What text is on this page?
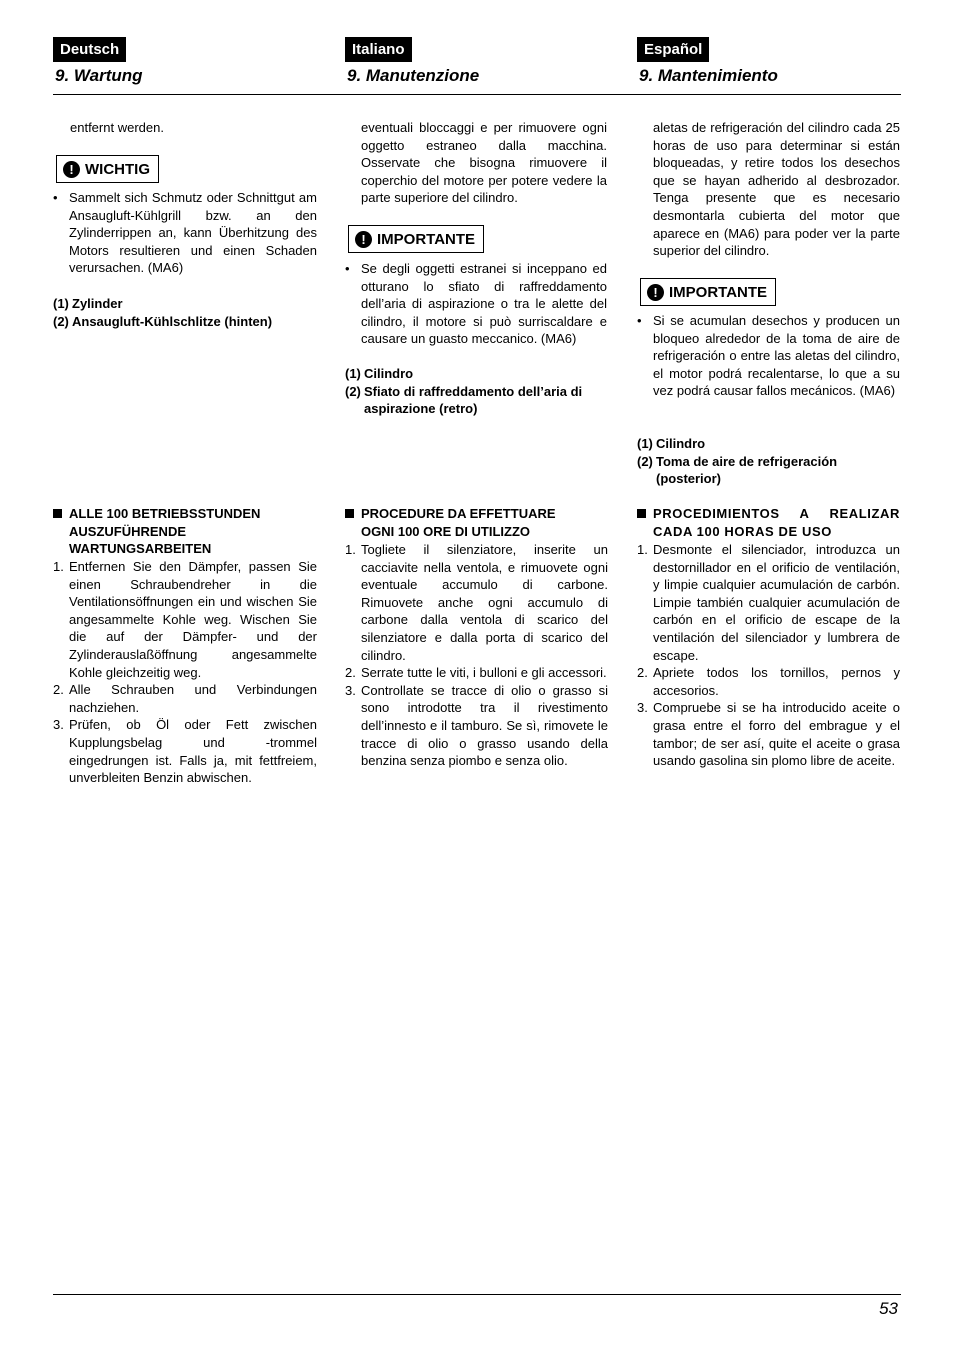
Deutsch
9. Wartung
entfernt werden.
! WICHTIG
• Sammelt sich Schmutz oder Schnittgut am Ansaugluft-Kühlgrill bzw. an den Zylinderrippen an, kann Überhitzung des Motors resultieren und einen Schaden verursachen. (MA6)
(1) Zylinder
(2) Ansaugluft-Kühlschlitze (hinten)
ALLE 100 BETRIEBSSTUNDEN AUSZUFÜHRENDE WARTUNGSARBEITEN
1. Entfernen Sie den Dämpfer, passen Sie einen Schraubendreher in die Ventilationsöffnungen ein und wischen Sie angesammelte Kohle weg. Wischen Sie die auf der Dämpfer- und der Zylinderauslaßöffnung angesammelte Kohle gleichzeitig weg.
2. Alle Schrauben und Verbindungen nachziehen.
3. Prüfen, ob Öl oder Fett zwischen Kupplungsbelag und -trommel eingedrungen ist. Falls ja, mit fettfreiem, unverbleiten Benzin abwischen.
Italiano
9. Manutenzione
eventuali bloccaggi e per rimuovere ogni oggetto estraneo dalla macchina. Osservate che bisogna rimuovere il coperchio del motore per potere vedere la parte superiore del cilindro.
! IMPORTANTE
• Se degli oggetti estranei si inceppano ed otturano lo sfiato di raffreddamento dell’aria di aspirazione o tra le alette del cilindro, il motore si può surriscaldare e causare un guasto meccanico. (MA6)
(1) Cilindro
(2) Sfiato di raffreddamento dell’aria di aspirazione (retro)
PROCEDURE DA EFFETTUARE OGNI 100 ORE DI UTILIZZO
1. Togliete il silenziatore, inserite un cacciavite nella ventola, e rimuovete ogni eventuale accumulo di carbone. Rimuovete anche ogni accumulo di carbone dalla ventola di scarico del silenziatore e dalla porta di scarico del cilindro.
2. Serrate tutte le viti, i bulloni e gli accessori.
3. Controllate se tracce di olio o grasso si sono introdotte tra il rivestimento dell’innesto e il tamburo. Se sì, rimovete le tracce di olio o grasso usando della benzina senza piombo e senza olio.
Español
9. Mantenimiento
aletas de refrigeración del cilindro cada 25 horas de uso para determinar si están bloqueadas, y retire todos los desechos que se hayan adherido al desbrozador. Tenga presente que es necesario desmontarla cubierta del motor que aparece en (MA6) para poder ver la parte superior del cilindro.
! IMPORTANTE
• Si se acumulan desechos y producen un bloqueo alrededor de la toma de aire de refrigeración o entre las aletas del cilindro, el motor podrá recalentarse, lo que a su vez podrá causar fallos mecánicos. (MA6)
(1) Cilindro
(2) Toma de aire de refrigeración (posterior)
PROCEDIMIENTOS A REALIZAR CADA 100 HORAS DE USO
1. Desmonte el silenciador, introduzca un destornillador en el orificio de ventilación, y limpie cualquier acumulación de carbón. Limpie también cualquier acumulación de carbón en el orificio de escape de la ventilación del silenciador y lumbrera de escape.
2. Apriete todos los tornillos, pernos y accesorios.
3. Compruebe si se ha introducido aceite o grasa entre el forro del embrague y el tambor; de ser así, quite el aceite o grasa usando gasolina sin plomo libre de aceite.
53
